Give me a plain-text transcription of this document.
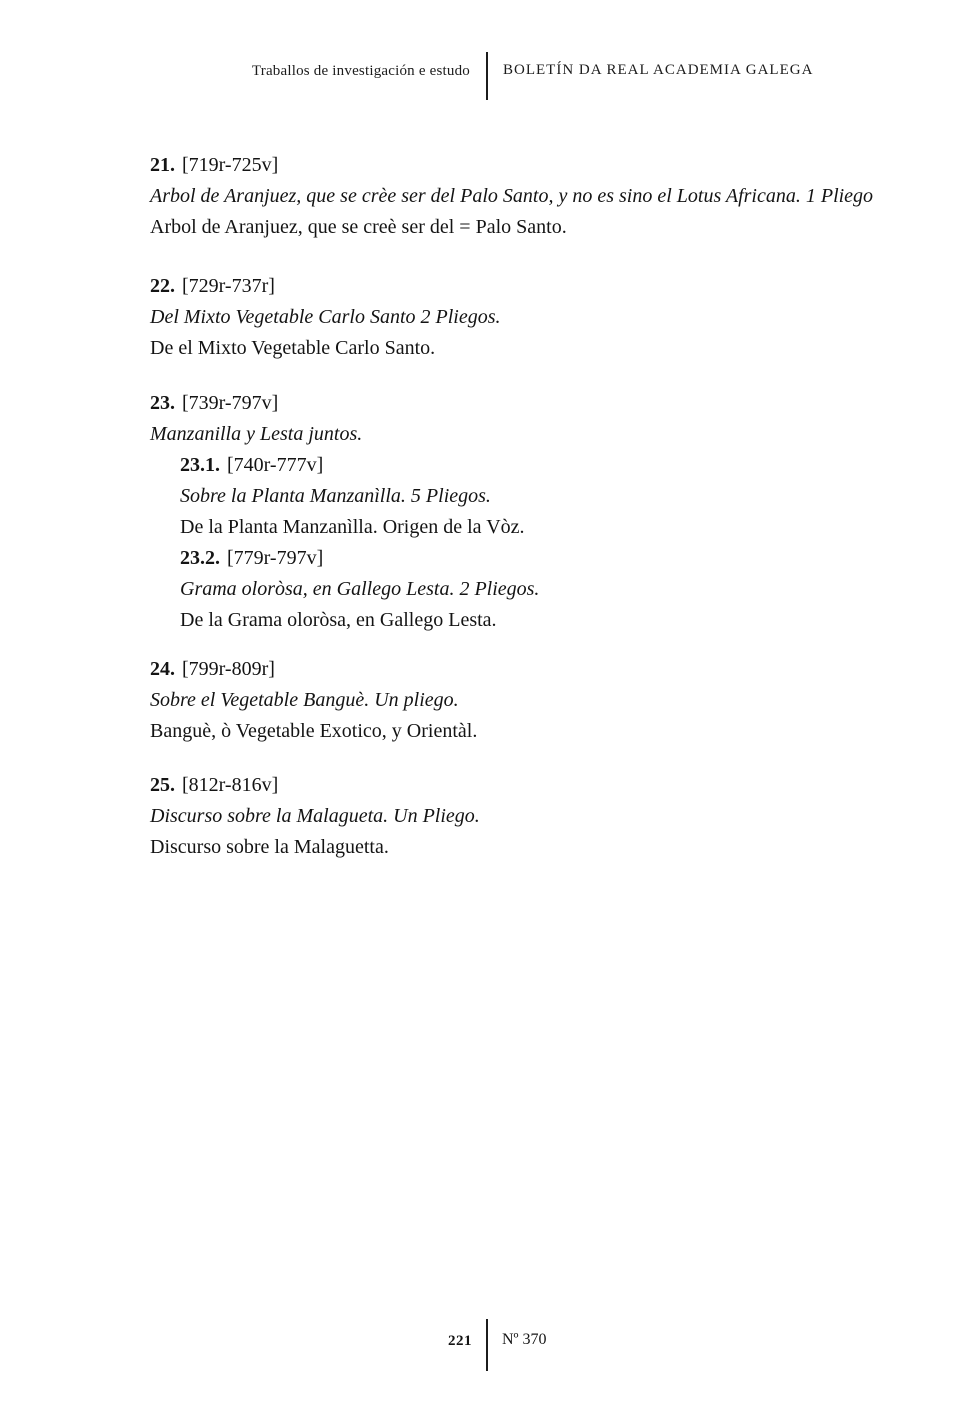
Traballos de investigación e estudo BOLETÍN DA REAL ACADEMIA GALEGA
21. [719r-725v]
Arbol de Aranjuez, que se crèe ser del Palo Santo, y no es sino el Lotus Africana. 1 Pliego
Arbol de Aranjuez, que se creè ser del = Palo Santo.
22. [729r-737r]
Del Mixto Vegetable Carlo Santo 2 Pliegos.
De el Mixto Vegetable Carlo Santo.
23. [739r-797v]
Manzanilla y Lesta juntos.
23.1. [740r-777v]
Sobre la Planta Manzanìlla. 5 Pliegos.
De la Planta Manzanìlla. Origen de la Vòz.
23.2. [779r-797v]
Grama oloròsa, en Gallego Lesta. 2 Pliegos.
De la Grama oloròsa, en Gallego Lesta.
24. [799r-809r]
Sobre el Vegetable Banguè. Un pliego.
Banguè, ò Vegetable Exotico, y Orientàl.
25. [812r-816v]
Discurso sobre la Malagueta. Un Pliego.
Discurso sobre la Malaguetta.
221 Nº 370
